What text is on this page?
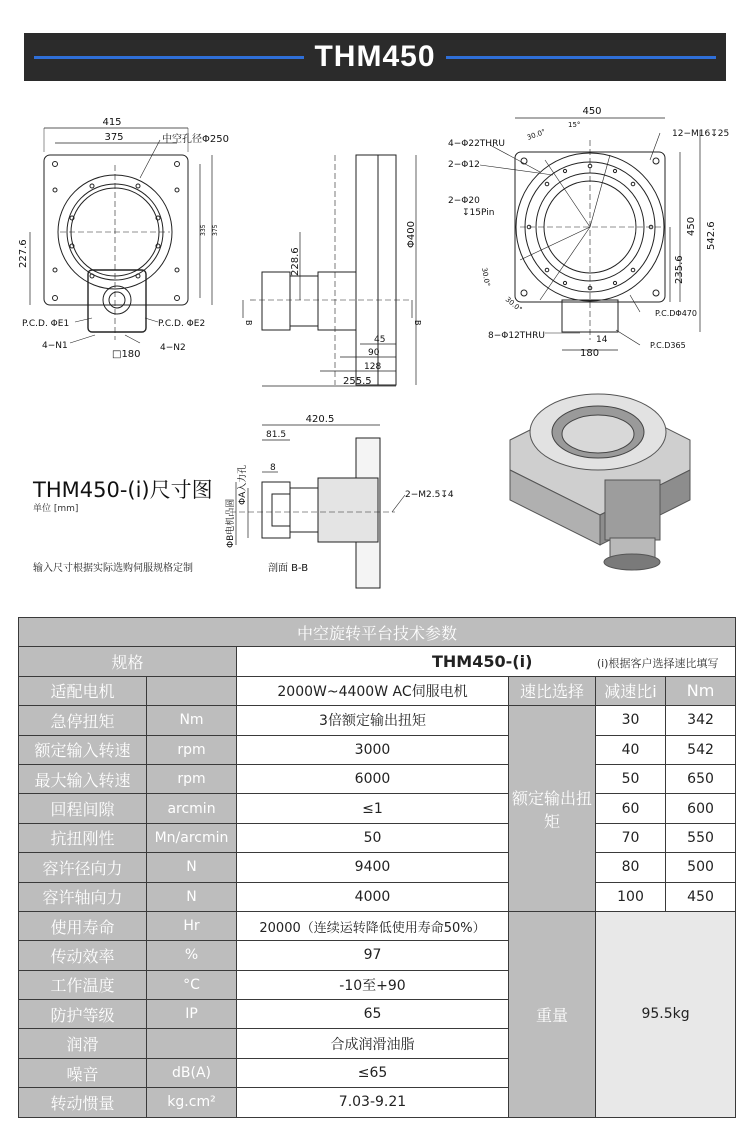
THM450
415
375	中空孔径Φ250
227.6
335 375
P.C.D. ΦE1	P.C.D. ΦE2
4−N1	4−N2
□180
228.6
Φ400
45
90
128
255.5
B	B
450
450 542.6
235.6
30.0°
15°
30.0°
30.0°
4−Φ22THRU
2−Φ12
2−Φ20
↧15Pin
12−M16↧25
P.C.DΦ470
8−Φ12THRU	14
180
P.C.D365
420.5
81.5
8
ΦA入力孔
ΦB电机凸圆
2−M2.5↧4
剖面 B-B
THM450-(i)尺寸图
单位 [mm]
输入尺寸根据实际选购伺服规格定制
中空旋转平台技术参数					
规格		THM450-(i) (i)根据客户选择速比填写			
适配电机		2000W~4400W AC伺服电机	速比选择	减速比i	Nm
急停扭矩	Nm	3倍额定输出扭矩	额定输出扭矩	30	342
额定输入转速	rpm	3000		40	542
最大输入转速	rpm	6000		50	650
回程间隙	arcmin	≤1		60	600
抗扭刚性	Mn/arcmin	50		70	550
容许径向力	N	9400		80	500
容许轴向力	N	4000		100	450
使用寿命	Hr	20000（连续运转降低使用寿命50%）	重量	95.5kg	
传动效率	%	97			
工作温度	°C	-10至+90			
防护等级	IP	65			
润滑		合成润滑油脂			
噪音	dB(A)	≤65			
转动惯量	kg.cm²	7.03-9.21			
